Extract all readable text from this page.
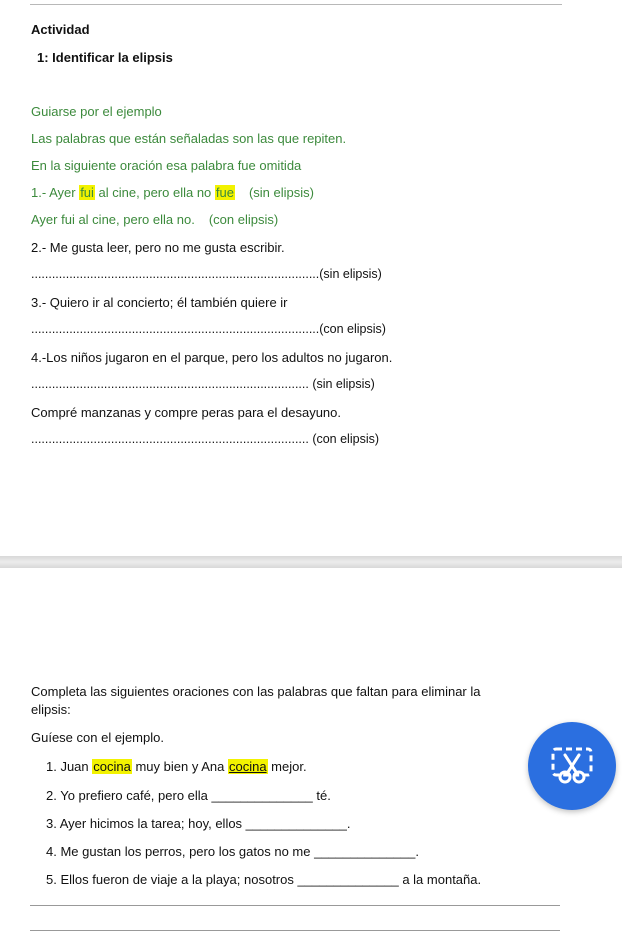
Actividad
1: Identificar la elipsis
Guiarse por el ejemplo
Las palabras que están señaladas son las que repiten.
En la siguiente oración esa palabra fue omitida
1.- Ayer fui al cine, pero ella no fue (sin elipsis)
Ayer fui al cine, pero ella no. (con elipsis)
2.- Me gusta leer, pero no me gusta escribir.
...................................................................................(sin elipsis)
3.- Quiero ir al concierto; él también quiere ir
...................................................................................(con elipsis)
4.-Los niños jugaron en el parque, pero los adultos no jugaron.
................................................................................ (sin elipsis)
Compré manzanas y compre peras para el desayuno.
................................................................................ (con elipsis)
Completa las siguientes oraciones con las palabras que faltan para eliminar la
elipsis:
Guíese con el ejemplo.
1. Juan cocina muy bien y Ana cocina mejor.
2. Yo prefiero café, pero ella ______________ té.
3. Ayer hicimos la tarea; hoy, ellos ______________.
4. Me gustan los perros, pero los gatos no me ______________.
5. Ellos fueron de viaje a la playa; nosotros ______________ a la montaña.
